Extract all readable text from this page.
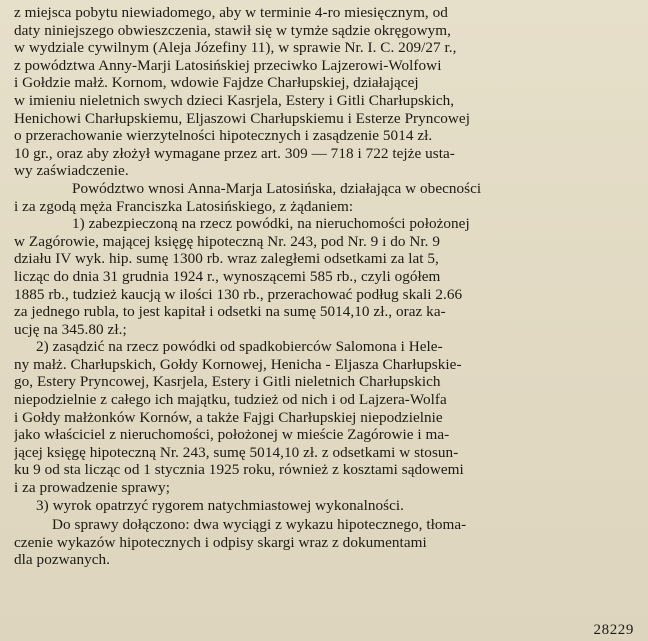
z miejsca pobytu niewiadomego, aby w terminie 4-ro miesięcznym, od
daty niniejszego obwieszczenia, stawił się w tymże sądzie okręgowym,
w wydziale cywilnym (Aleja Józefiny 11), w sprawie Nr. I. C. 209/27 r.,
z powództwa Anny-Marji Latosińskiej przeciwko Lajzerowi-Wolfowi
i Gołdzie małż. Kornom, wdowie Fajdze Charłupskiej, działającej
w imieniu nieletnich swych dzieci Kasrjela, Estery i Gitli Charłupskich,
Henichowi Charłupskiemu, Eljaszowi Charłupskiemu i Esterze Pryncowej
o przerachowanie wierzytelności hipotecznych i zasądzenie 5014 zł.
10 gr., oraz aby złożył wymagane przez art. 309 — 718 i 722 tejże usta-
wy zaświadczenie.
Powództwo wnosi Anna-Marja Latosińska, działająca w obecności
i za zgodą męża Franciszka Latosińskiego, z żądaniem:
1) zabezpieczoną na rzecz powódki, na nieruchomości położonej
w Zagórowie, mającej księgę hipoteczną Nr. 243, pod Nr. 9 i do Nr. 9
działu IV wyk. hip. sumę 1300 rb. wraz zaległemi odsetkami za lat 5,
licząc do dnia 31 grudnia 1924 r., wynoszącemi 585 rb., czyli ogółem
1885 rb., tudzież kaucją w ilości 130 rb., przerachować podług skali 2.66
za jednego rubla, to jest kapitał i odsetki na sumę 5014,10 zł., oraz ka-
ucję na 345.80 zł.;
2) zasądzić na rzecz powódki od spadkobierców Salomona i Hele-
ny małż. Charłupskich, Gołdy Kornowej, Henicha - Eljasza Charłupskie-
go, Estery Pryncowej, Kasrjela, Estery i Gitli nieletnich Charłupskich
niepodzielnie z całego ich majątku, tudzież od nich i od Lajzera-Wolfa
i Gołdy małżonków Kornów, a także Fajgi Charłupskiej niepodzielnie
jako właściciel z nieruchomości, położonej w mieście Zagórowie i ma-
jącej księgę hipoteczną Nr. 243, sumę 5014,10 zł. z odsetkami w stosun-
ku 9 od sta licząc od 1 stycznia 1925 roku, również z kosztami sądowemi
i za prowadzenie sprawy;
3) wyrok opatrzyć rygorem natychmiastowej wykonalności.
Do sprawy dołączono: dwa wyciągi z wykazu hipotecznego, tłoma-
czenie wykazów hipotecznych i odpisy skargi wraz z dokumentami
dla pozwanych.
28229
